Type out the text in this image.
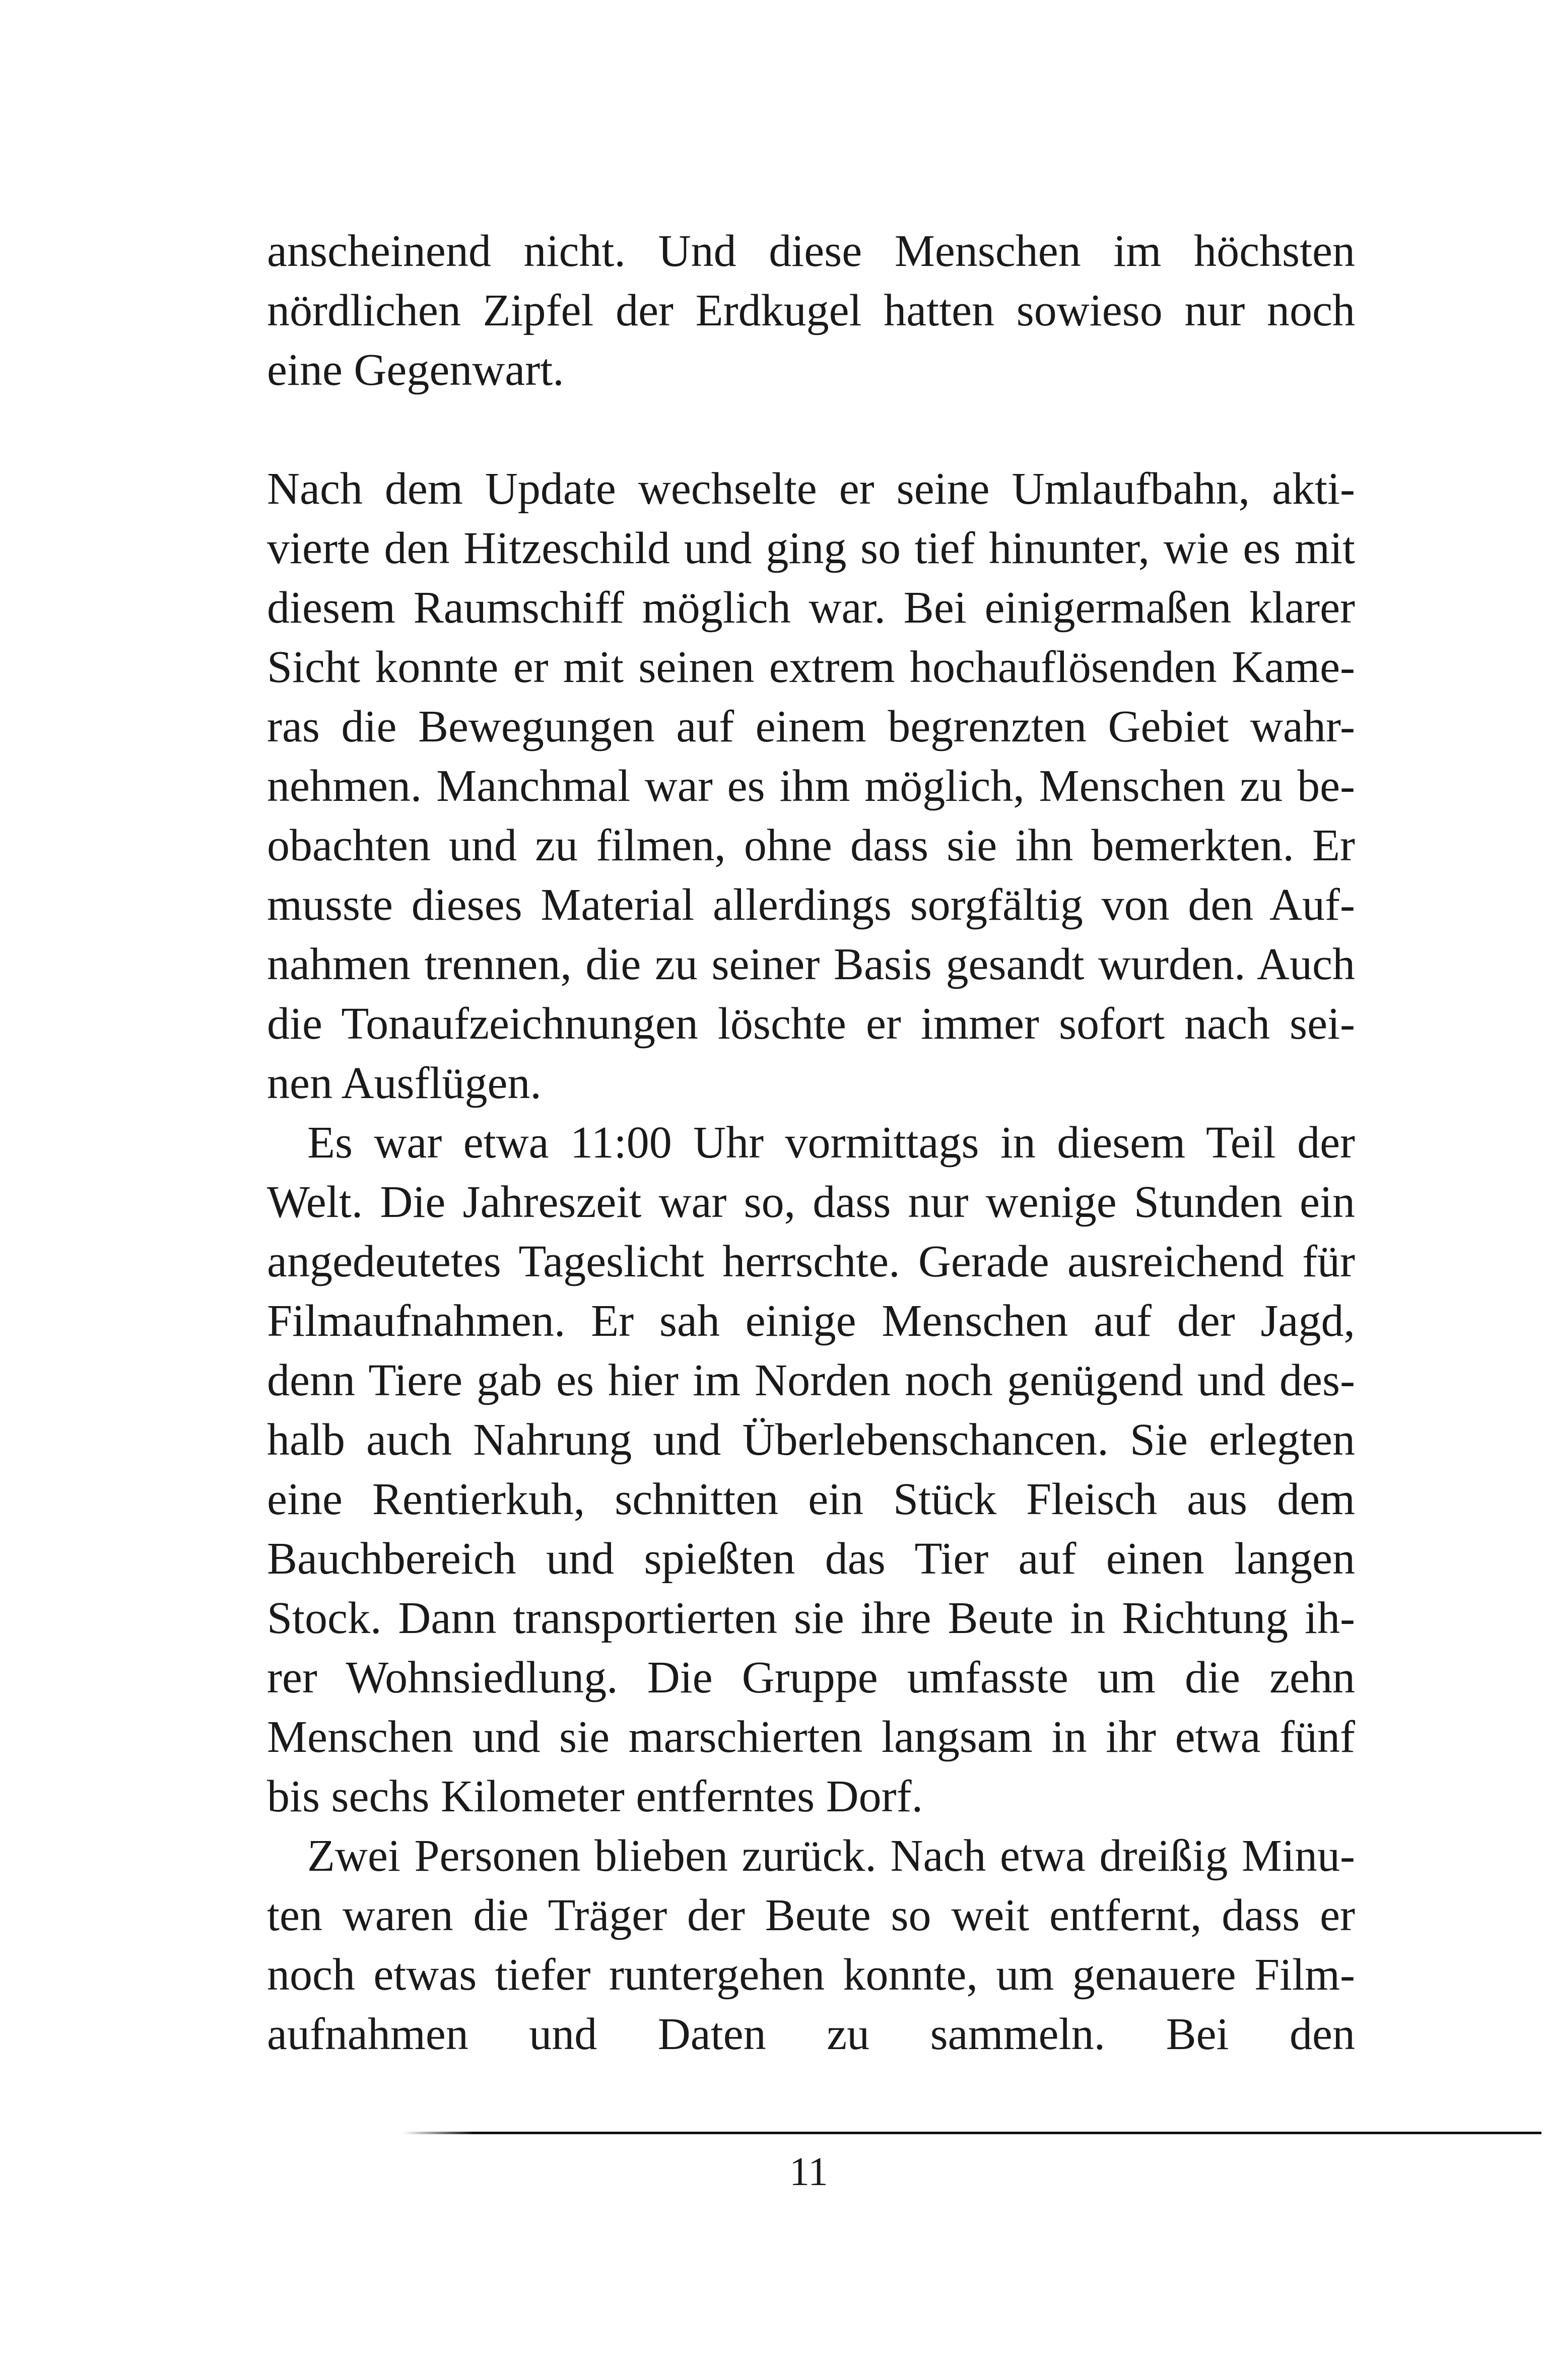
anscheinend nicht. Und diese Menschen im höchsten
nördlichen Zipfel der Erdkugel hatten sowieso nur noch
eine Gegenwart.
Nach dem Update wechselte er seine Umlaufbahn, akti-
vierte den Hitzeschild und ging so tief hinunter, wie es mit
diesem Raumschiff möglich war. Bei einigermaßen klarer
Sicht konnte er mit seinen extrem hochauflösenden Kame-
ras die Bewegungen auf einem begrenzten Gebiet wahr-
nehmen. Manchmal war es ihm möglich, Menschen zu be-
obachten und zu filmen, ohne dass sie ihn bemerkten. Er
musste dieses Material allerdings sorgfältig von den Auf-
nahmen trennen, die zu seiner Basis gesandt wurden. Auch
die Tonaufzeichnungen löschte er immer sofort nach sei-
nen Ausflügen.
Es war etwa 11:00 Uhr vormittags in diesem Teil der
Welt. Die Jahreszeit war so, dass nur wenige Stunden ein
angedeutetes Tageslicht herrschte. Gerade ausreichend für
Filmaufnahmen. Er sah einige Menschen auf der Jagd,
denn Tiere gab es hier im Norden noch genügend und des-
halb auch Nahrung und Überlebenschancen. Sie erlegten
eine Rentierkuh, schnitten ein Stück Fleisch aus dem
Bauchbereich und spießten das Tier auf einen langen
Stock. Dann transportierten sie ihre Beute in Richtung ih-
rer Wohnsiedlung. Die Gruppe umfasste um die zehn
Menschen und sie marschierten langsam in ihr etwa fünf
bis sechs Kilometer entferntes Dorf.
Zwei Personen blieben zurück. Nach etwa dreißig Minu-
ten waren die Träger der Beute so weit entfernt, dass er
noch etwas tiefer runtergehen konnte, um genauere Film-
aufnahmen und Daten zu sammeln. Bei den
11
